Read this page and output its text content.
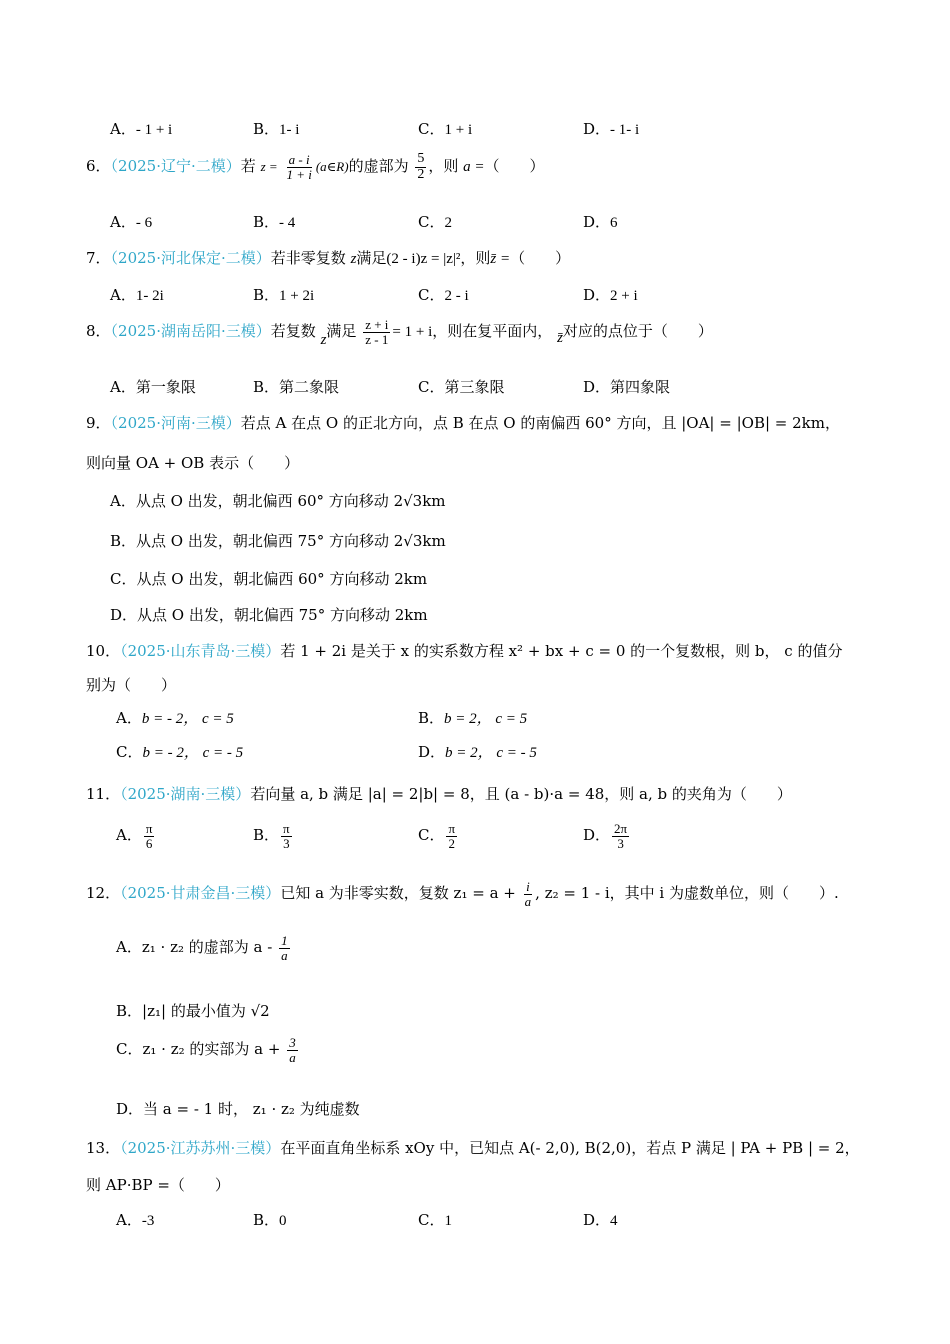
A．- 1 + i	B．1- i	C．1 + i	D．- 1- i
6．（2025·辽宁·二模）若 $z = \frac{a - i}{1 + i}$ (a∈R)的虚部为 $\frac{5}{2}$ ，则 a =（　　）
A．- 6	B．- 4	C．2	D．6
7．（2025·河北保定·二模）若非零复数 z满足(2 - i)z = |z|²，则z̄ =（　　）
A．1- 2i	B．1 + 2i	C．2 - i	D．2 + i
8．（2025·湖南岳阳·三模）若复数 z满足 $\frac{z + i}{z - 1} = 1 + i$，则在复平面内， z̄对应的点位于（　　）
A．第一象限	B．第二象限	C．第三象限	D．第四象限
9．（2025·河南·三模）若点 A 在点 O 的正北方向，点 B 在点 O 的南偏西 60° 方向，且 |OA| = |OB| = 2km，
则向量 OA + OB 表示（　　）
A．从点 O 出发，朝北偏西 60° 方向移动 2√3km
B．从点 O 出发，朝北偏西 75° 方向移动 2√3km
C．从点 O 出发，朝北偏西 60° 方向移动 2km
D．从点 O 出发，朝北偏西 75° 方向移动 2km
10．（2025·山东青岛·三模）若 1 + 2i 是关于 x 的实系数方程 x² + bx + c = 0 的一个复数根，则 b， c 的值分
别为（　　）
A．b = - 2， c = 5	B．b = 2， c = 5
C．b = - 2， c = - 5	D．b = 2， c = - 5
11．（2025·湖南·三模）若向量 a, b 满足 |a| = 2|b| = 8，且 (a - b)·a = 48，则 a, b 的夹角为（　　）
A． $\frac{\pi}{6}$	B． $\frac{\pi}{3}$	C． $\frac{\pi}{2}$	D． $\frac{2\pi}{3}$
12．（2025·甘肃金昌·三模）已知 a 为非零实数，复数 $z_1 = a + \frac{i}{a}$ , z₂ = 1 - i，其中 i 为虚数单位，则（　　）.
A．z₁ · z₂ 的虚部为 a - $\frac{1}{a}$
B．|z₁| 的最小值为 √2
C．z₁ · z₂ 的实部为 $a + \frac{3}{a}$
D．当 a = - 1 时， z₁ · z₂ 为纯虚数
13．（2025·江苏苏州·三模）在平面直角坐标系 xOy 中，已知点 A(- 2,0), B(2,0)，若点 P 满足 | PA + PB | = 2，
则 AP·BP =（　　）
A．-3	B．0	C．1	D．4
